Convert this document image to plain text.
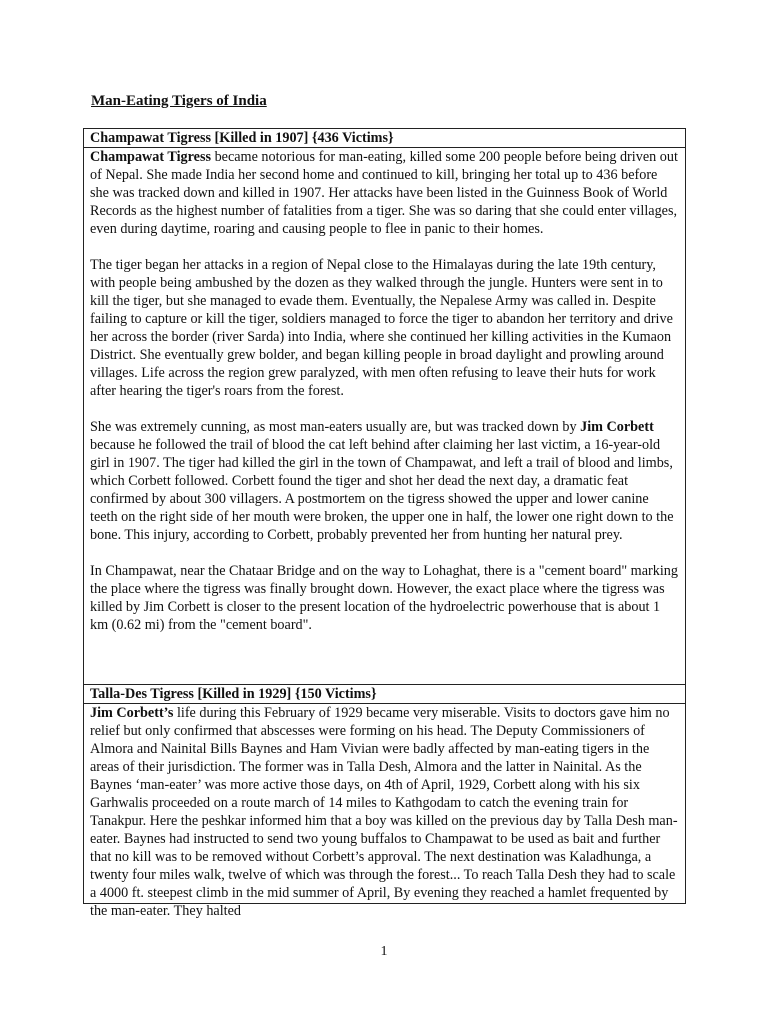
Man-Eating Tigers of India
Champawat Tigress [Killed in 1907] {436 Victims}

Champawat Tigress became notorious for man-eating, killed some 200 people before being driven out of Nepal. She made India her second home and continued to kill, bringing her total up to 436 before she was tracked down and killed in 1907. Her attacks have been listed in the Guinness Book of World Records as the highest number of fatalities from a tiger. She was so daring that she could enter villages, even during daytime, roaring and causing people to flee in panic to their homes.

The tiger began her attacks in a region of Nepal close to the Himalayas during the late 19th century, with people being ambushed by the dozen as they walked through the jungle. Hunters were sent in to kill the tiger, but she managed to evade them. Eventually, the Nepalese Army was called in. Despite failing to capture or kill the tiger, soldiers managed to force the tiger to abandon her territory and drive her across the border (river Sarda) into India, where she continued her killing activities in the Kumaon District. She eventually grew bolder, and began killing people in broad daylight and prowling around villages. Life across the region grew paralyzed, with men often refusing to leave their huts for work after hearing the tiger's roars from the forest.

She was extremely cunning, as most man-eaters usually are, but was tracked down by Jim Corbett because he followed the trail of blood the cat left behind after claiming her last victim, a 16-year-old girl in 1907. The tiger had killed the girl in the town of Champawat, and left a trail of blood and limbs, which Corbett followed. Corbett found the tiger and shot her dead the next day, a dramatic feat confirmed by about 300 villagers. A postmortem on the tigress showed the upper and lower canine teeth on the right side of her mouth were broken, the upper one in half, the lower one right down to the bone. This injury, according to Corbett, probably prevented her from hunting her natural prey.

In Champawat, near the Chataar Bridge and on the way to Lohaghat, there is a "cement board" marking the place where the tigress was finally brought down. However, the exact place where the tigress was killed by Jim Corbett is closer to the present location of the hydroelectric powerhouse that is about 1 km (0.62 mi) from the "cement board".

Talla-Des Tigress [Killed in 1929] {150 Victims}

Jim Corbett’s life during this February of 1929 became very miserable. Visits to doctors gave him no relief but only confirmed that abscesses were forming on his head. The Deputy Commissioners of Almora and Nainital Bills Baynes and Ham Vivian were badly affected by man-eating tigers in the areas of their jurisdiction. The former was in Talla Desh, Almora and the latter in Nainital. As the Baynes ‘man-eater’ was more active those days, on 4th of April, 1929, Corbett along with his six Garhwalis proceeded on a route march of 14 miles to Kathgodam to catch the evening train for Tanakpur. Here the peshkar informed him that a boy was killed on the previous day by Talla Desh man-eater. Baynes had instructed to send two young buffalos to Champawat to be used as bait and further that no kill was to be removed without Corbett’s approval. The next destination was Kaladhunga, a twenty four miles walk, twelve of which was through the forest... To reach Talla Desh they had to scale a 4000 ft. steepest climb in the mid summer of April, By evening they reached a hamlet frequented by the man-eater. They halted

1
